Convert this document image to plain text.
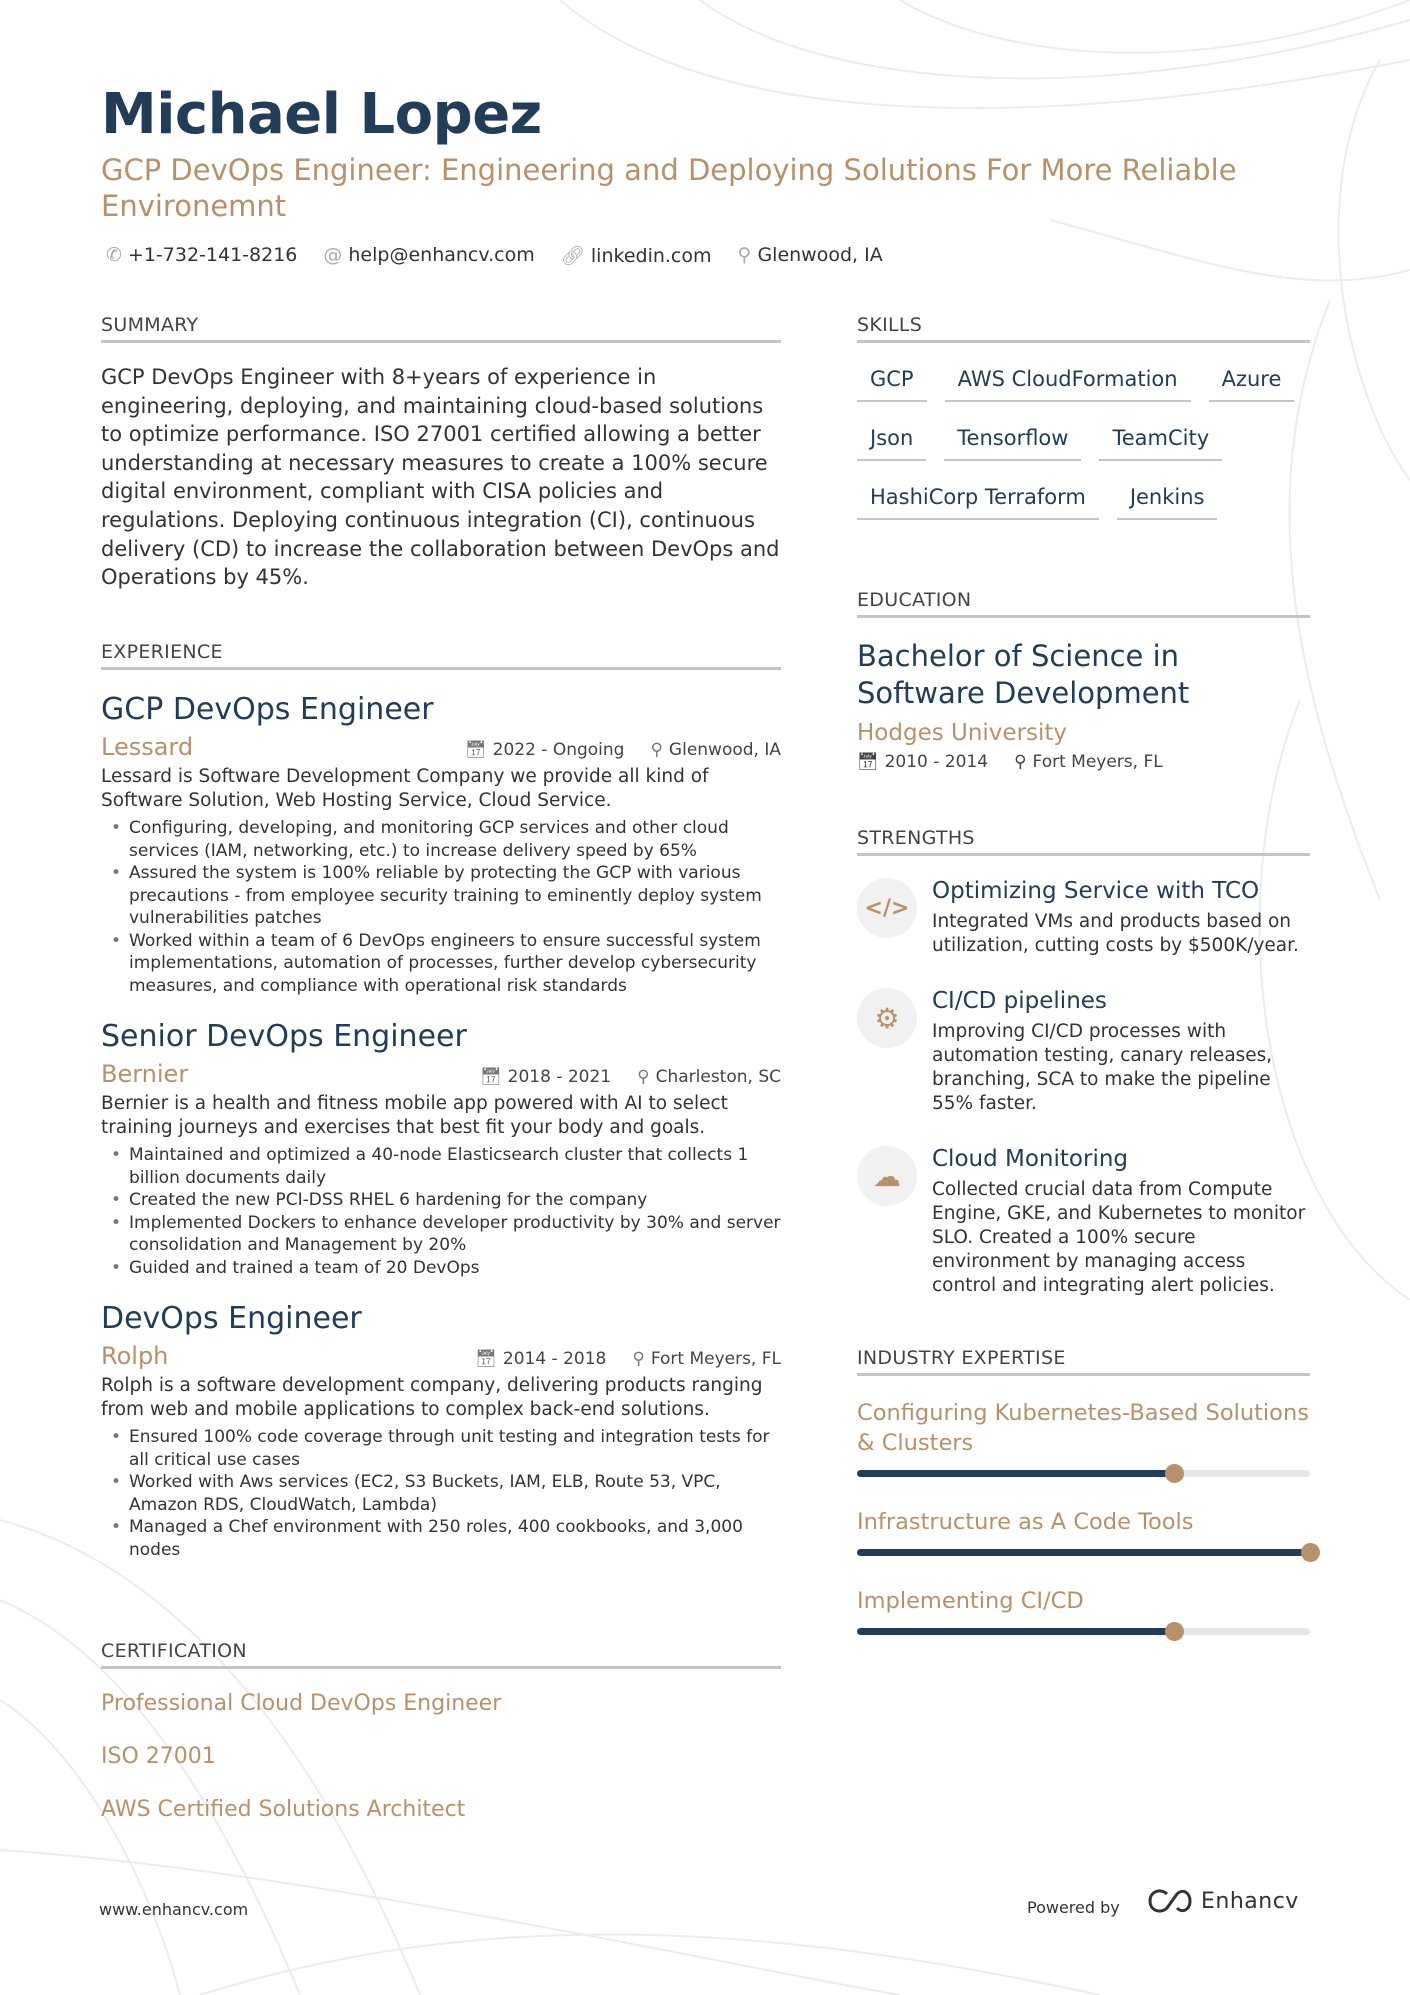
Michael Lopez
GCP DevOps Engineer: Engineering and Deploying Solutions For More Reliable Environemnt
✆ +1-732-141-8216 @ help@enhancv.com 🔗︎ linkedin.com ⚲ Glenwood, IA
SUMMARY
GCP DevOps Engineer with 8+years of experience in engineering, deploying, and maintaining cloud-based solutions to optimize performance. ISO 27001 certified allowing a better understanding at necessary measures to create a 100% secure digital environment, compliant with CISA policies and regulations. Deploying continuous integration (CI), continuous delivery (CD) to increase the collaboration between DevOps and Operations by 45%.
EXPERIENCE
GCP DevOps Engineer
Lessard	📅︎ 2022 - Ongoing ⚲ Glenwood, IA
Lessard is Software Development Company we provide all kind of Software Solution, Web Hosting Service, Cloud Service.
• Configuring, developing, and monitoring GCP services and other cloud services (IAM, networking, etc.) to increase delivery speed by 65%
• Assured the system is 100% reliable by protecting the GCP with various precautions - from employee security training to eminently deploy system vulnerabilities patches
• Worked within a team of 6 DevOps engineers to ensure successful system implementations, automation of processes, further develop cybersecurity measures, and compliance with operational risk standards
Senior DevOps Engineer
Bernier	📅︎ 2018 - 2021 ⚲ Charleston, SC
Bernier is a health and fitness mobile app powered with AI to select training journeys and exercises that best fit your body and goals.
• Maintained and optimized a 40-node Elasticsearch cluster that collects 1 billion documents daily
• Created the new PCI-DSS RHEL 6 hardening for the company
• Implemented Dockers to enhance developer productivity by 30% and server consolidation and Management by 20%
• Guided and trained a team of 20 DevOps
DevOps Engineer
Rolph	📅︎ 2014 - 2018 ⚲ Fort Meyers, FL
Rolph is a software development company, delivering products ranging from web and mobile applications to complex back-end solutions.
• Ensured 100% code coverage through unit testing and integration tests for all critical use cases
• Worked with Aws services (EC2, S3 Buckets, IAM, ELB, Route 53, VPC, Amazon RDS, CloudWatch, Lambda)
• Managed a Chef environment with 250 roles, 400 cookbooks, and 3,000 nodes
CERTIFICATION
Professional Cloud DevOps Engineer
ISO 27001
AWS Certified Solutions Architect
SKILLS
GCP	AWS CloudFormation	Azure
Json	Tensorflow	TeamCity
HashiCorp Terraform	Jenkins
EDUCATION
Bachelor of Science in Software Development
Hodges University
📅︎ 2010 - 2014 ⚲ Fort Meyers, FL
STRENGTHS
</>
Optimizing Service with TCO
Integrated VMs and products based on utilization, cutting costs by $500K/year.
⚙
CI/CD pipelines
Improving CI/CD processes with automation testing, canary releases, branching, SCA to make the pipeline 55% faster.
☁
Cloud Monitoring
Collected crucial data from Compute Engine, GKE, and Kubernetes to monitor SLO. Created a 100% secure environment by managing access control and integrating alert policies.
INDUSTRY EXPERTISE
Configuring Kubernetes-Based Solutions & Clusters
Infrastructure as A Code Tools
Implementing CI/CD
www.enhancv.com	Powered by	Enhancv
